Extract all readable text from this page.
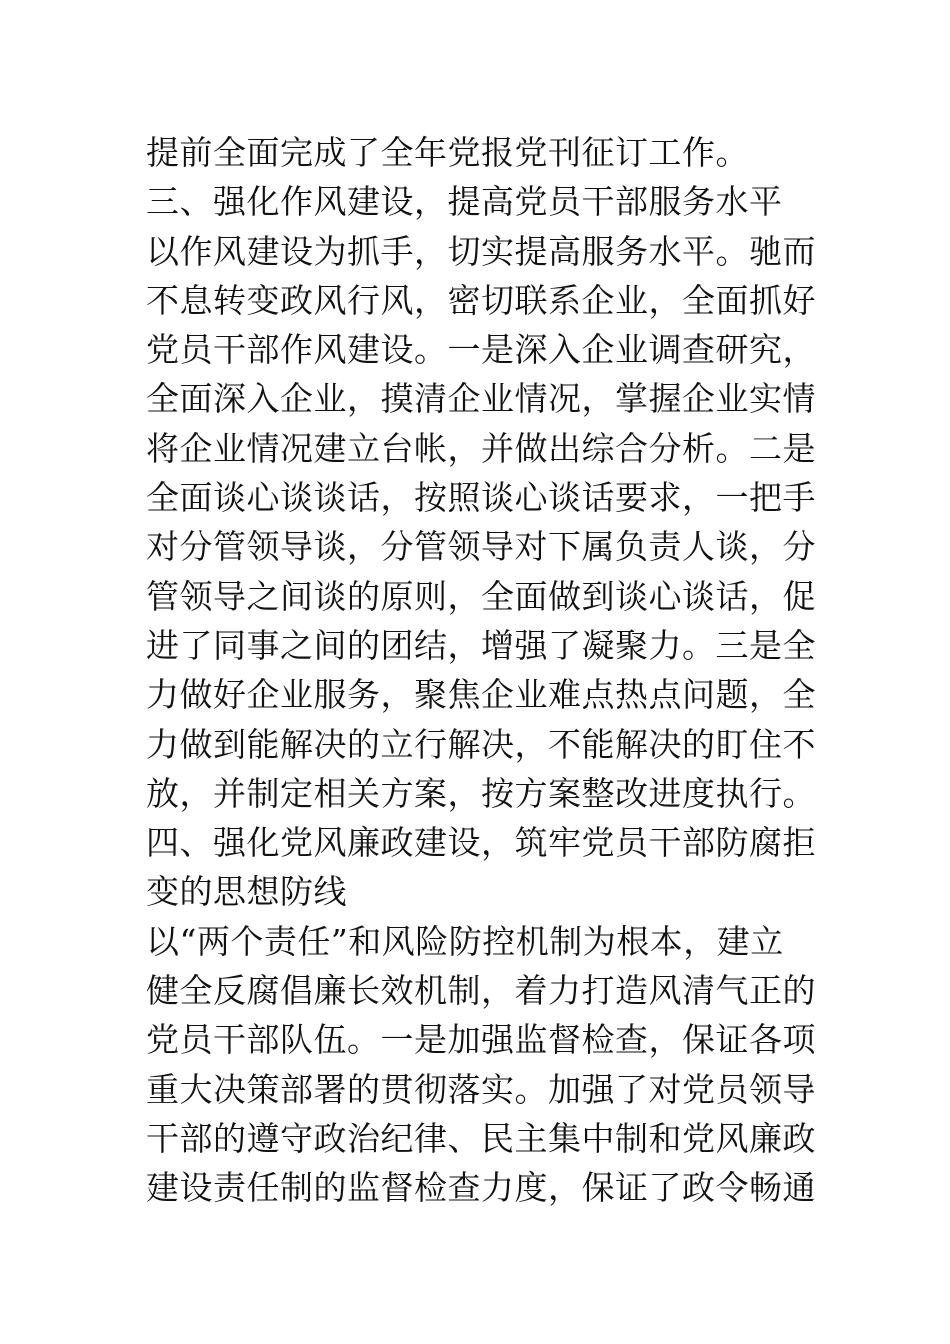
提前全面完成了全年党报党刊征订工作。
三、强化作风建设，提高党员干部服务水平
以作风建设为抓手，切实提高服务水平。驰而
不息转变政风行风，密切联系企业，全面抓好
党员干部作风建设。一是深入企业调查研究，
全面深入企业，摸清企业情况，掌握企业实情
将企业情况建立台帐，并做出综合分析。二是
全面谈心谈谈话，按照谈心谈话要求，一把手
对分管领导谈，分管领导对下属负责人谈，分
管领导之间谈的原则，全面做到谈心谈话，促
进了同事之间的团结，增强了凝聚力。三是全
力做好企业服务，聚焦企业难点热点问题，全
力做到能解决的立行解决，不能解决的盯住不
放，并制定相关方案，按方案整改进度执行。
四、强化党风廉政建设，筑牢党员干部防腐拒
变的思想防线
以“两个责任”和风险防控机制为根本，建立
健全反腐倡廉长效机制，着力打造风清气正的
党员干部队伍。一是加强监督检查，保证各项
重大决策部署的贯彻落实。加强了对党员领导
干部的遵守政治纪律、民主集中制和党风廉政
建设责任制的监督检查力度，保证了政令畅通
